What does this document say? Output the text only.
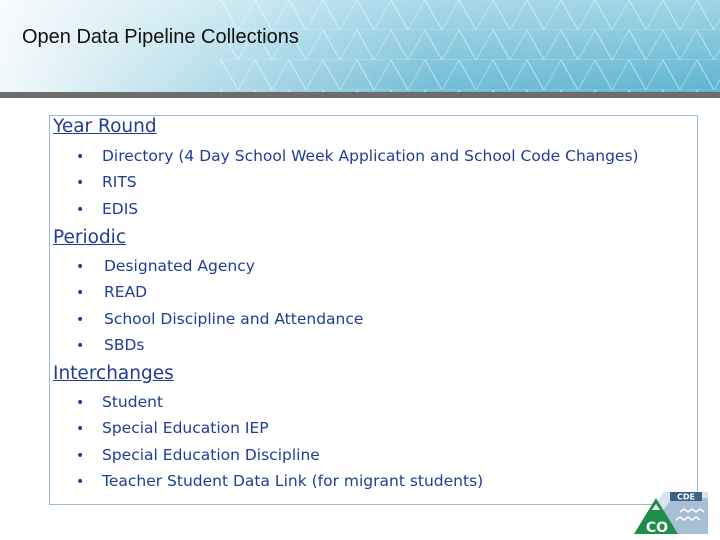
Open Data Pipeline Collections
Year Round
• Directory (4 Day School Week Application and School Code Changes)
• RITS
• EDIS
Periodic
• Designated Agency
• READ
• School Discipline and Attendance
• SBDs
Interchanges
• Student
• Special Education IEP
• Special Education Discipline
• Teacher Student Data Link (for migrant students)
CDE
CO
